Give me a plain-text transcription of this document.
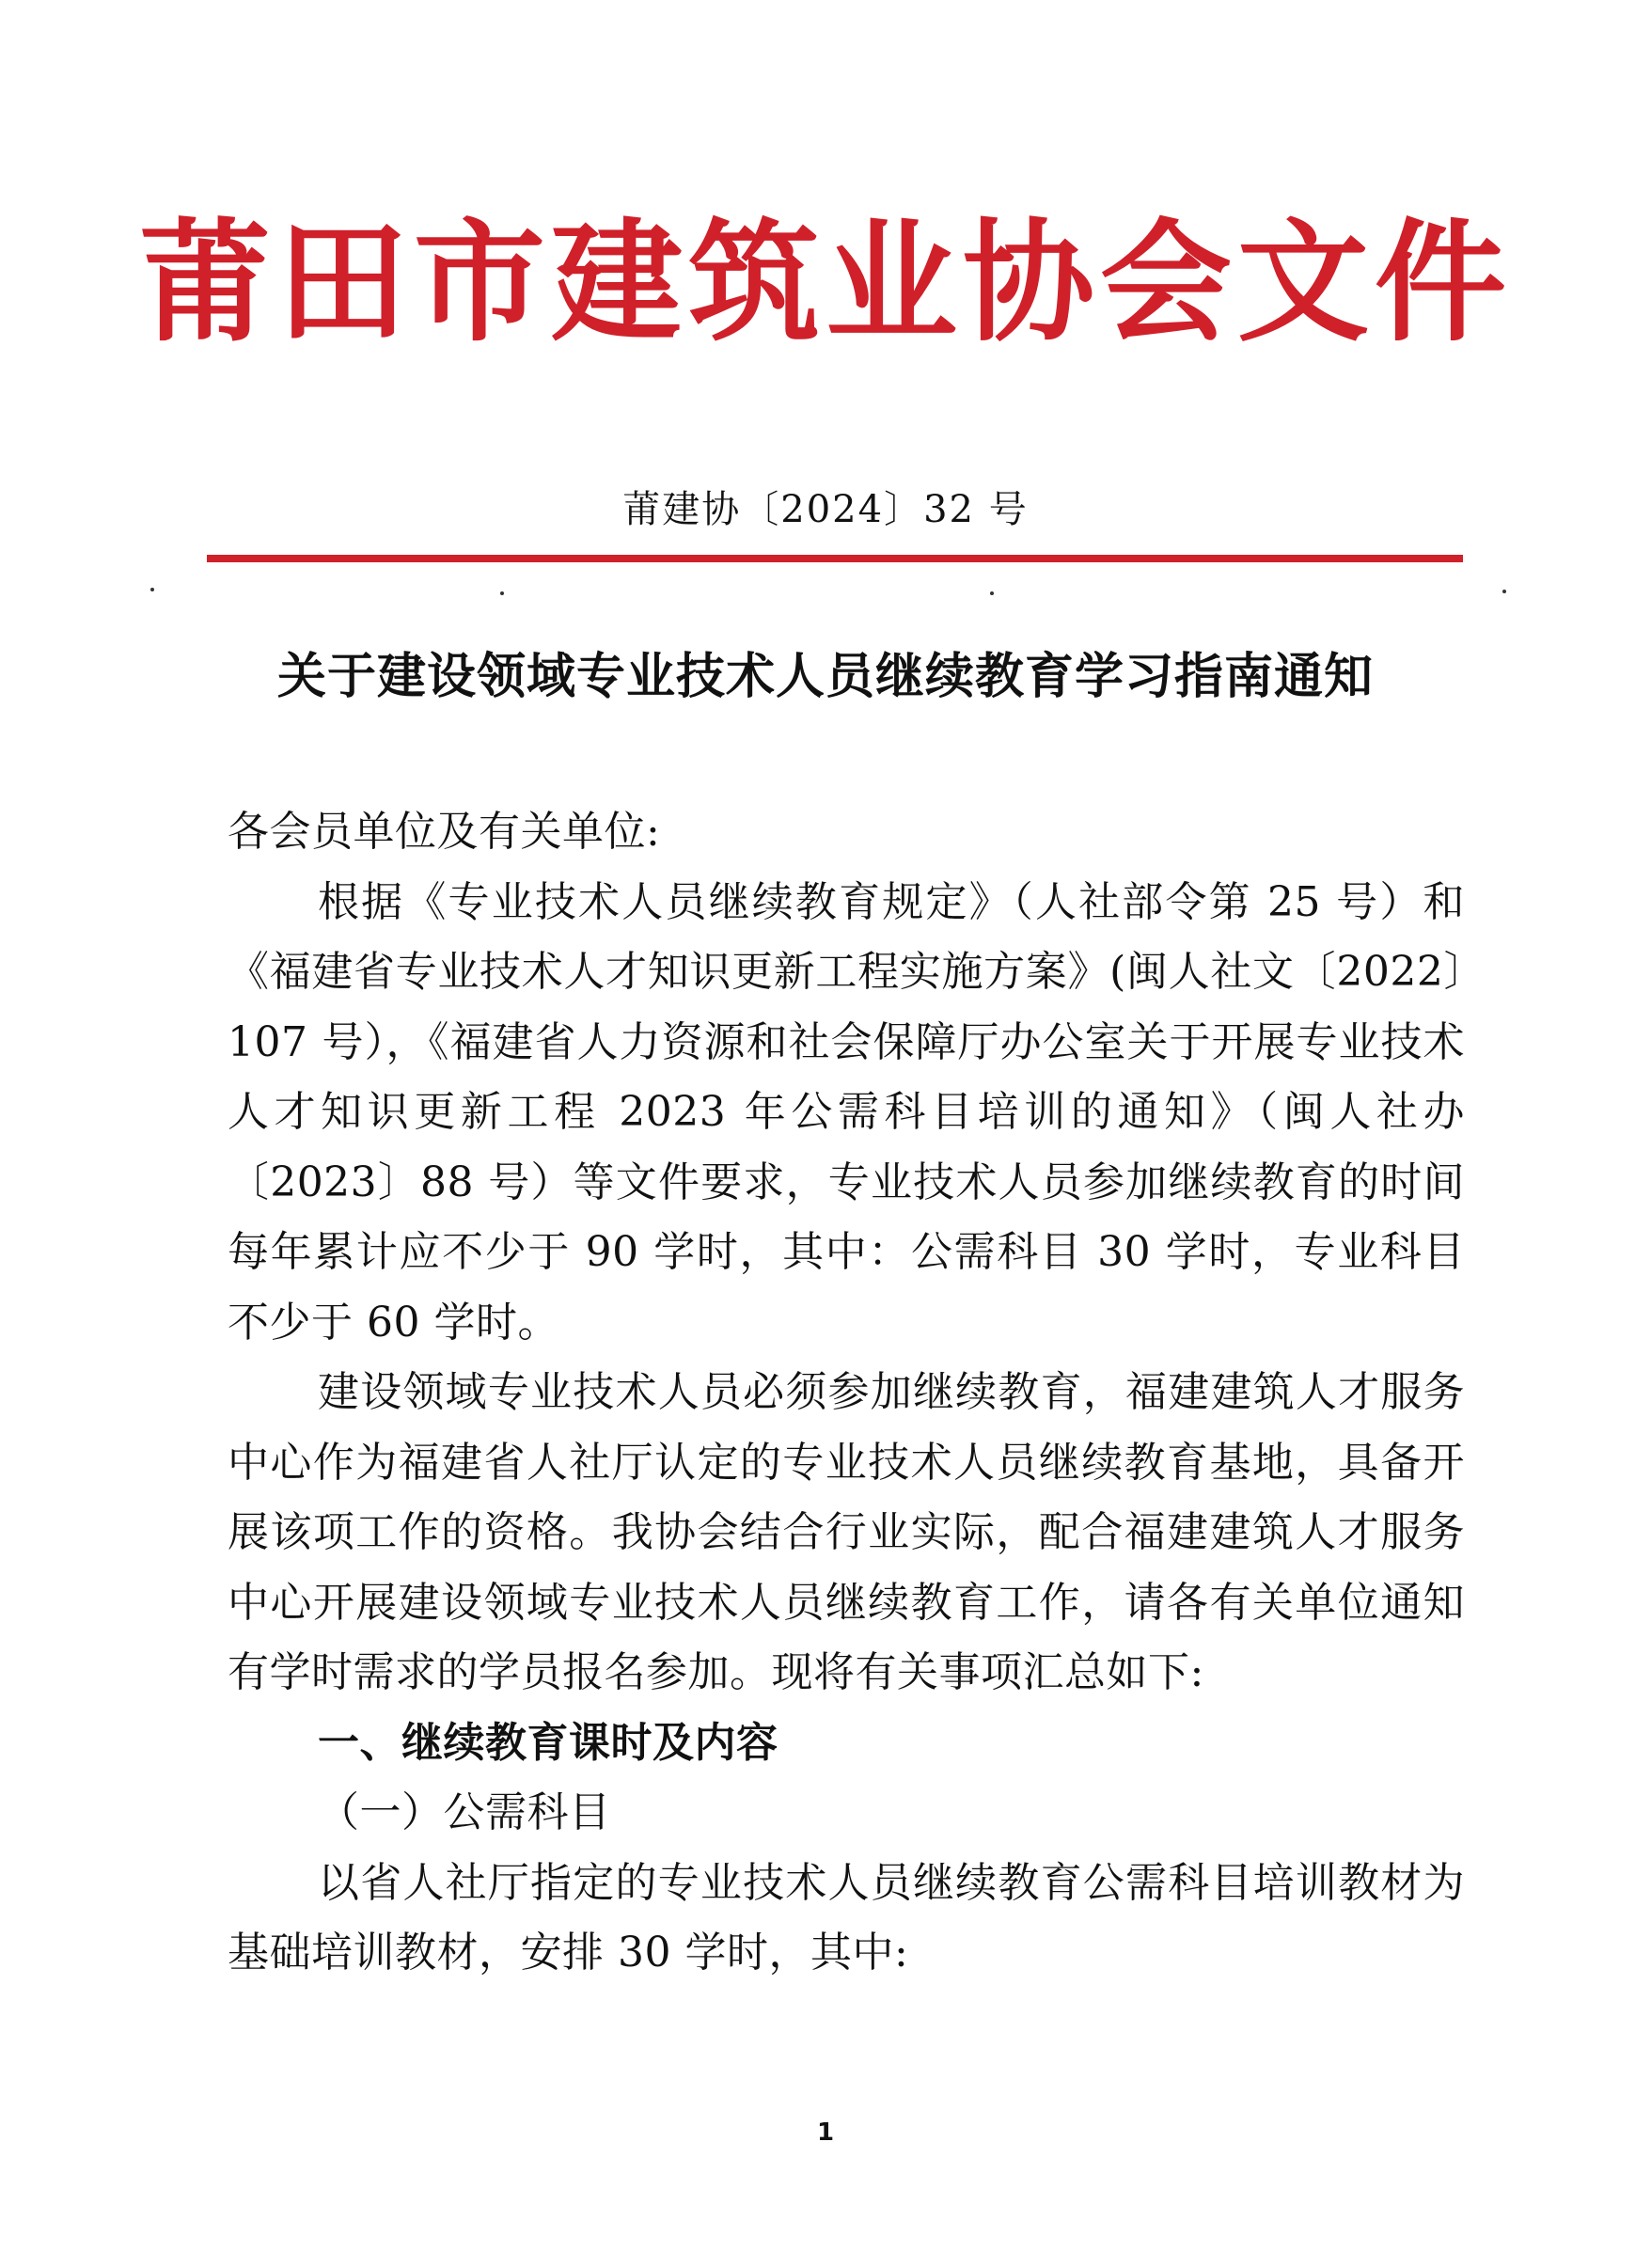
莆田市建筑业协会文件
莆建协〔2024〕32 号
关于建设领域专业技术人员继续教育学习指南通知

各会员单位及有关单位:

根据《专业技术人员继续教育规定》（人社部令第 25 号）和《福建省专业技术人才知识更新工程实施方案》(闽人社文〔2022〕107 号），《福建省人力资源和社会保障厅办公室关于开展专业技术人才知识更新工程 2023 年公需科目培训的通知》（闽人社办〔2023〕88 号）等文件要求，专业技术人员参加继续教育的时间每年累计应不少于 90 学时，其中：公需科目 30 学时，专业科目不少于 60 学时。

建设领域专业技术人员必须参加继续教育，福建建筑人才服务中心作为福建省人社厅认定的专业技术人员继续教育基地，具备开展该项工作的资格。我协会结合行业实际，配合福建建筑人才服务中心开展建设领域专业技术人员继续教育工作，请各有关单位通知有学时需求的学员报名参加。现将有关事项汇总如下:

一、继续教育课时及内容

（一）公需科目

以省人社厅指定的专业技术人员继续教育公需科目培训教材为基础培训教材，安排 30 学时，其中:

1
